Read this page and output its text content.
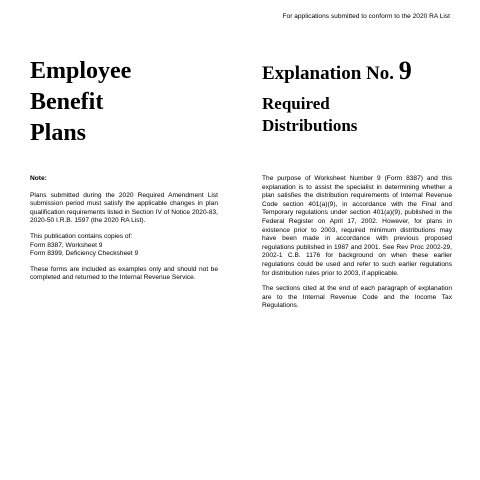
For applications submitted to conform to the 2020 RA List
Employee
Benefit
Plans
Explanation No. 9
Required
Distributions
Note:

Plans submitted during the 2020 Required Amendment List submission period must satisfy the applicable changes in plan qualification requirements listed in Section IV of Notice 2020-83, 2020-50 I.R.B. 1597 (the 2020 RA List).

This publication contains copies of:
Form 8387, Worksheet 9
Form 8399, Deficiency Checksheet 9

These forms are included as examples only and should not be completed and returned to the Internal Revenue Service.

The purpose of Worksheet Number 9 (Form 8387) and this explanation is to assist the specialist in determining whether a plan satisfies the distribution requirements of Internal Revenue Code section 401(a)(9), in accordance with the Final and Temporary regulations under section 401(a)(9), published in the Federal Register on April 17, 2002. However, for plans in existence prior to 2003, required minimum distributions may have been made in accordance with previous proposed regulations published in 1987 and 2001. See Rev Proc 2002-29, 2002-1 C.B. 1176 for background on when these earlier regulations could be used and refer to such earlier regulations for distribution rules prior to 2003, if applicable.

The sections cited at the end of each paragraph of explanation are to the Internal Revenue Code and the Income Tax Regulations.
